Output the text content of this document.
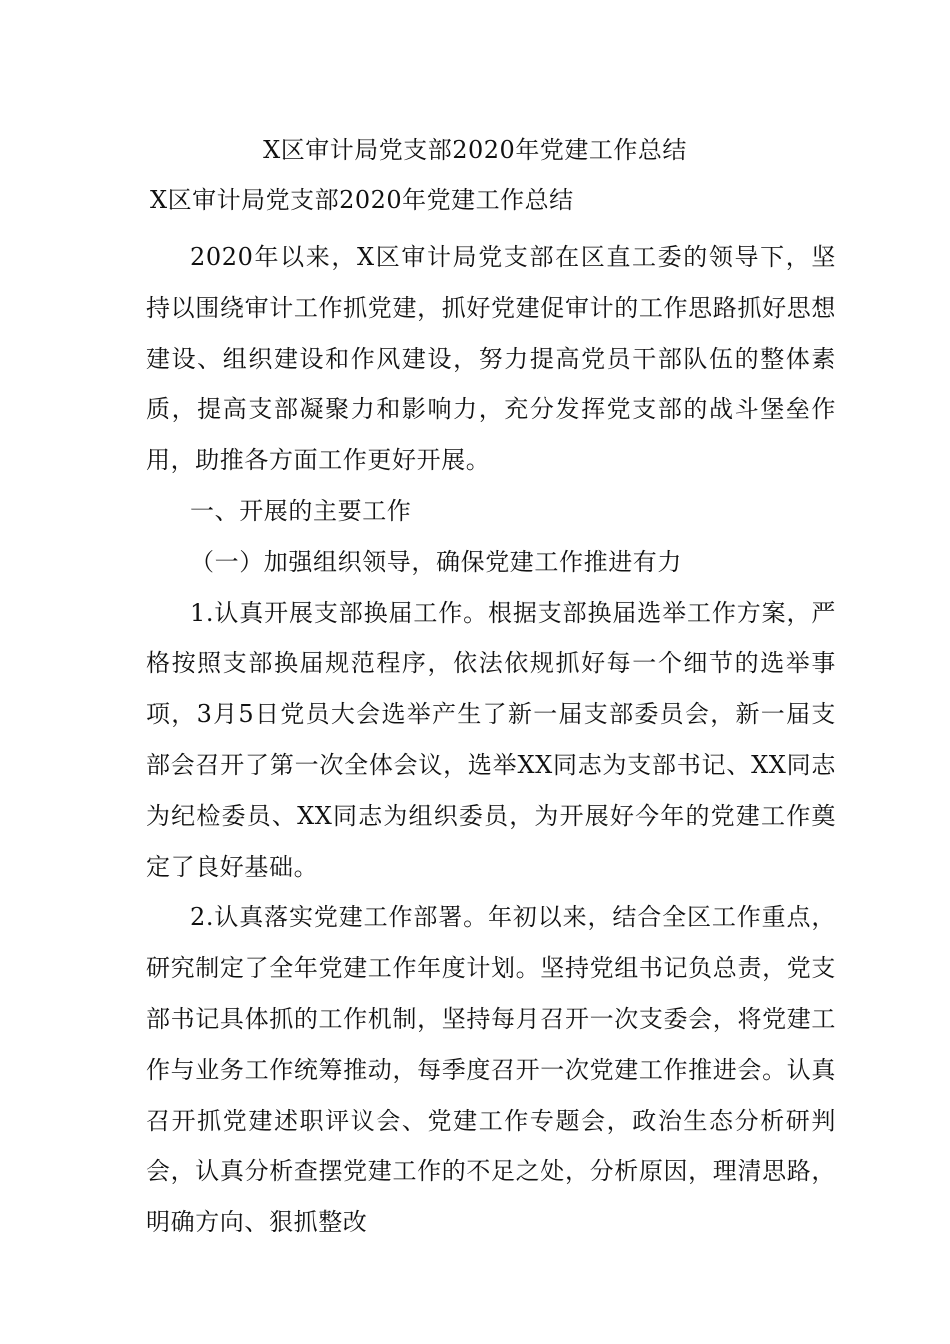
X区审计局党支部2020年党建工作总结
X区审计局党支部2020年党建工作总结

2020年以来，X区审计局党支部在区直工委的领导下，坚持以围绕审计工作抓党建，抓好党建促审计的工作思路抓好思想建设、组织建设和作风建设，努力提高党员干部队伍的整体素质，提高支部凝聚力和影响力，充分发挥党支部的战斗堡垒作用，助推各方面工作更好开展。

一、开展的主要工作

（一）加强组织领导，确保党建工作推进有力

1.认真开展支部换届工作。根据支部换届选举工作方案，严格按照支部换届规范程序，依法依规抓好每一个细节的选举事项，3月5日党员大会选举产生了新一届支部委员会，新一届支部会召开了第一次全体会议，选举XX同志为支部书记、XX同志为纪检委员、XX同志为组织委员，为开展好今年的党建工作奠定了良好基础。

2.认真落实党建工作部署。年初以来，结合全区工作重点，研究制定了全年党建工作年度计划。坚持党组书记负总责，党支部书记具体抓的工作机制，坚持每月召开一次支委会，将党建工作与业务工作统筹推动，每季度召开一次党建工作推进会。认真召开抓党建述职评议会、党建工作专题会，政治生态分析研判会，认真分析查摆党建工作的不足之处，分析原因，理清思路，明确方向、狠抓整改
